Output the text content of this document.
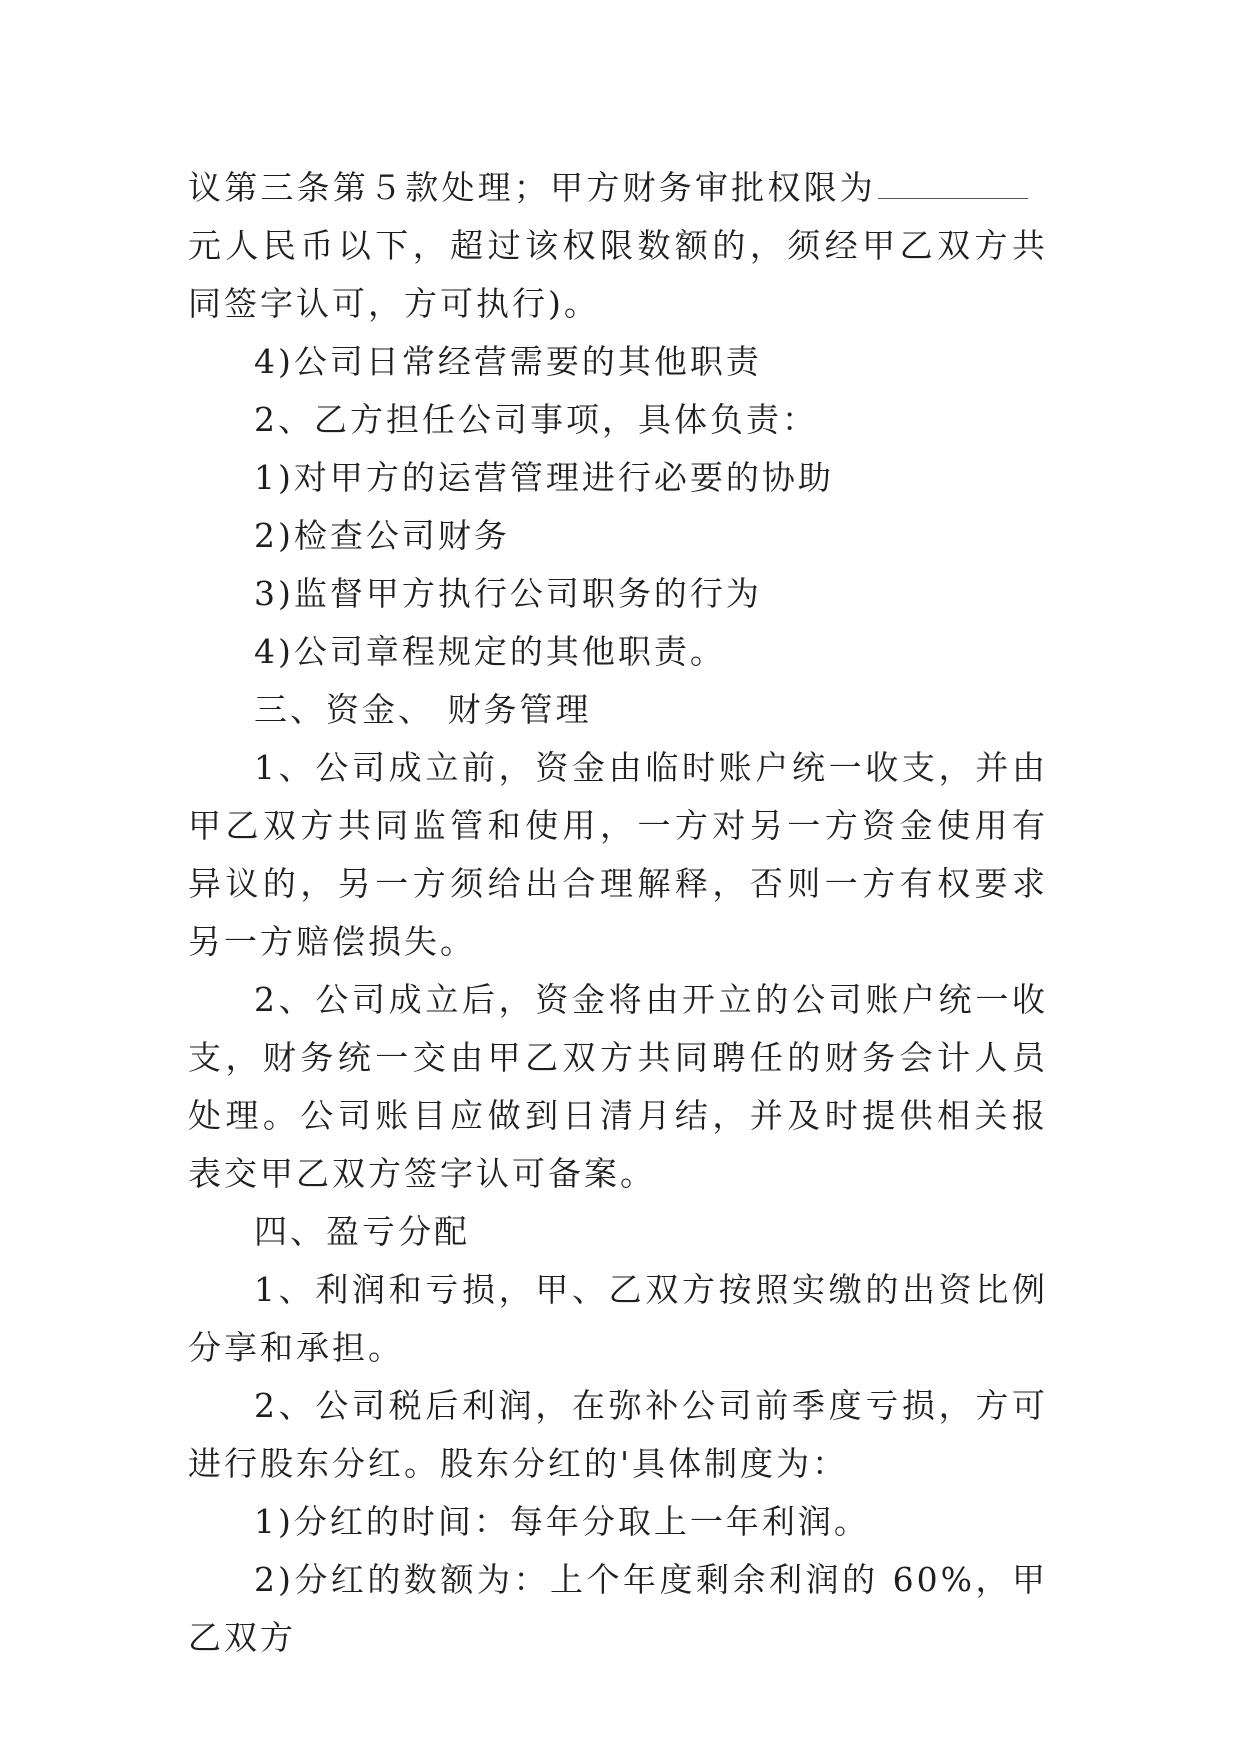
议第三条第５款处理；甲方财务审批权限为元人民币以下，超过该权限数额的，须经甲乙双方共同签字认可，方可执行)。

4)公司日常经营需要的其他职责

2、乙方担任公司事项，具体负责：

1)对甲方的运营管理进行必要的协助

2)检查公司财务

3)监督甲方执行公司职务的行为

4)公司章程规定的其他职责。

三、资金、 财务管理

1、公司成立前，资金由临时账户统一收支，并由甲乙双方共同监管和使用，一方对另一方资金使用有异议的，另一方须给出合理解释，否则一方有权要求另一方赔偿损失。

2、公司成立后，资金将由开立的公司账户统一收支，财务统一交由甲乙双方共同聘任的财务会计人员处理。公司账目应做到日清月结，并及时提供相关报表交甲乙双方签字认可备案。

四、盈亏分配

1、利润和亏损，甲、乙双方按照实缴的出资比例分享和承担。

2、公司税后利润，在弥补公司前季度亏损，方可进行股东分红。股东分红的'具体制度为：

1)分红的时间：每年分取上一年利润。

2)分红的数额为：上个年度剩余利润的 60%，甲乙双方
